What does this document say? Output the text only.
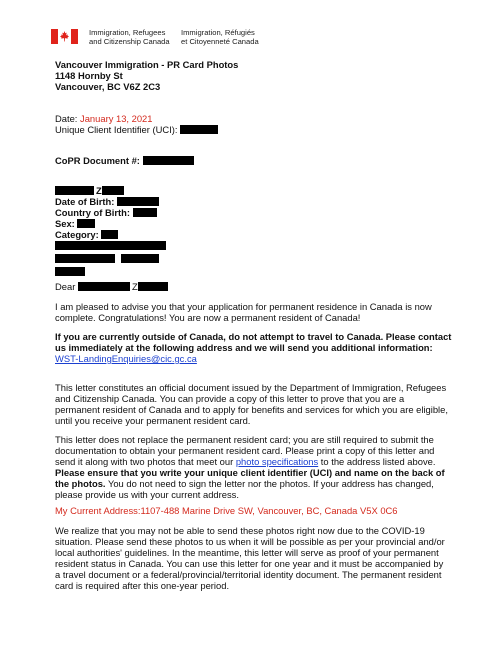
Immigration, Refugees
and Citizenship Canada
Immigration, Réfugiés
et Citoyenneté Canada
Vancouver Immigration - PR Card Photos
1148 Hornby St
Vancouver, BC V6Z 2C3
Date: January 13, 2021
Unique Client Identifier (UCI):
CoPR Document #:
Z
Date of Birth:
Country of Birth:
Sex:
Category:
Dear	Z
I am pleased to advise you that your application for permanent residence in Canada is now
complete. Congratulations! You are now a permanent resident of Canada!
If you are currently outside of Canada, do not attempt to travel to Canada. Please contact
us immediately at the following address and we will send you additional information:
WST-LandingEnquiries@cic.gc.ca
This letter constitutes an official document issued by the Department of Immigration, Refugees
and Citizenship Canada. You can provide a copy of this letter to prove that you are a
permanent resident of Canada and to apply for benefits and services for which you are eligible,
until you receive your permanent resident card.
This letter does not replace the permanent resident card; you are still required to submit the
documentation to obtain your permanent resident card. Please print a copy of this letter and
send it along with two photos that meet our photo specifications to the address listed above.
Please ensure that you write your unique client identifier (UCI) and name on the back of
the photos. You do not need to sign the letter nor the photos. If your address has changed,
please provide us with your current address.
My Current Address:1107-488 Marine Drive SW, Vancouver, BC, Canada V5X 0C6
We realize that you may not be able to send these photos right now due to the COVID-19
situation. Please send these photos to us when it will be possible as per your provincial and/or
local authorities' guidelines. In the meantime, this letter will serve as proof of your permanent
resident status in Canada. You can use this letter for one year and it must be accompanied by
a travel document or a federal/provincial/territorial identity document. The permanent resident
card is required after this one-year period.
